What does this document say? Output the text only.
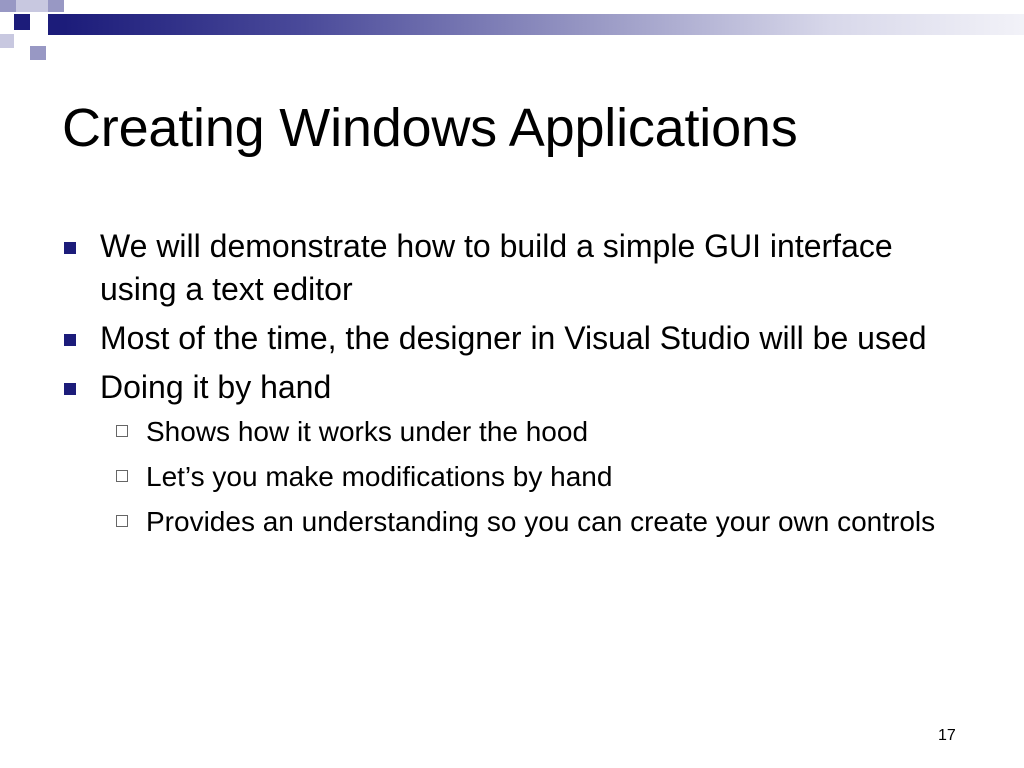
Creating Windows Applications
We will demonstrate how to build a simple GUI interface using a text editor
Most of the time, the designer in Visual Studio will be used
Doing it by hand
Shows how it works under the hood
Let’s you make modifications by hand
Provides an understanding so you can create your own controls
17
